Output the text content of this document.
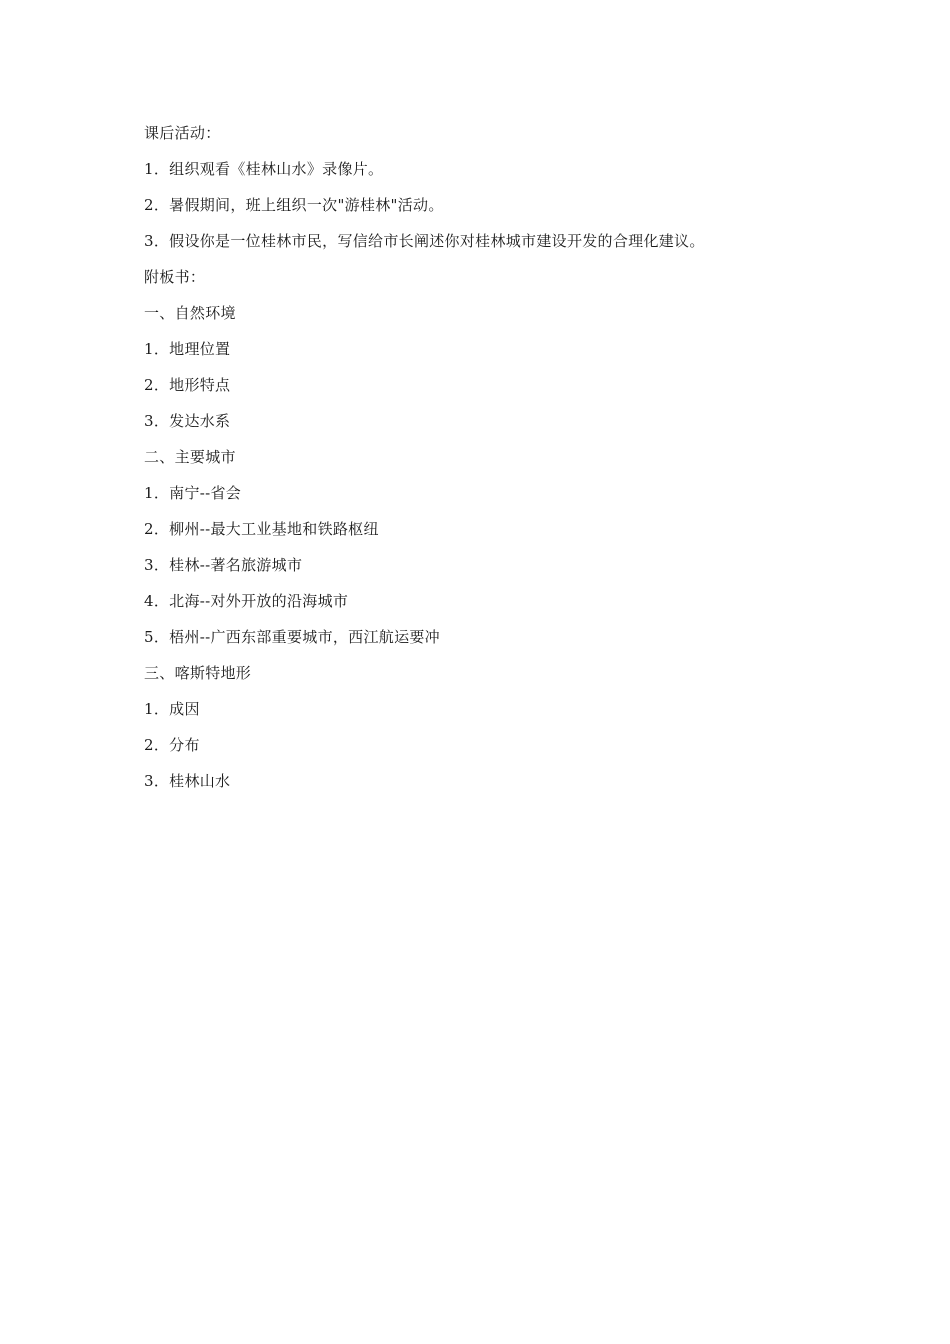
课后活动：
1．组织观看《桂林山水》录像片。
2．暑假期间，班上组织一次"游桂林"活动。
3．假设你是一位桂林市民，写信给市长阐述你对桂林城市建设开发的合理化建议。
附板书：
一、自然环境
1．地理位置
2．地形特点
3．发达水系
二、主要城市
1．南宁--省会
2．柳州--最大工业基地和铁路枢纽
3．桂林--著名旅游城市
4．北海--对外开放的沿海城市
5．梧州--广西东部重要城市，西江航运要冲
三、喀斯特地形
1．成因
2．分布
3．桂林山水
